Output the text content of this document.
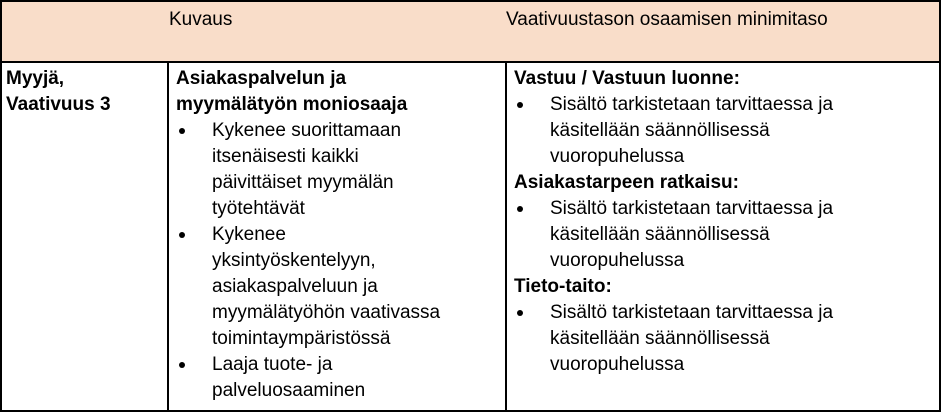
Kuvaus	Vaativuustason osaamisen minimitaso
Myyjä,
Vaativuus 3
Asiakaspalvelun ja
myymälätyön moniosaaja
Kykenee suorittamaan
itsenäisesti kaikki
päivittäiset myymälän
työtehtävät
Kykenee
yksintyöskentelyyn,
asiakaspalveluun ja
myymälätyöhön vaativassa
toimintaympäristössä
Laaja tuote- ja
palveluosaaminen
Vastuu / Vastuun luonne:
Sisältö tarkistetaan tarvittaessa ja
käsitellään säännöllisessä
vuoropuhelussa
Asiakastarpeen ratkaisu:
Sisältö tarkistetaan tarvittaessa ja
käsitellään säännöllisessä
vuoropuhelussa
Tieto-taito:
Sisältö tarkistetaan tarvittaessa ja
käsitellään säännöllisessä
vuoropuhelussa
